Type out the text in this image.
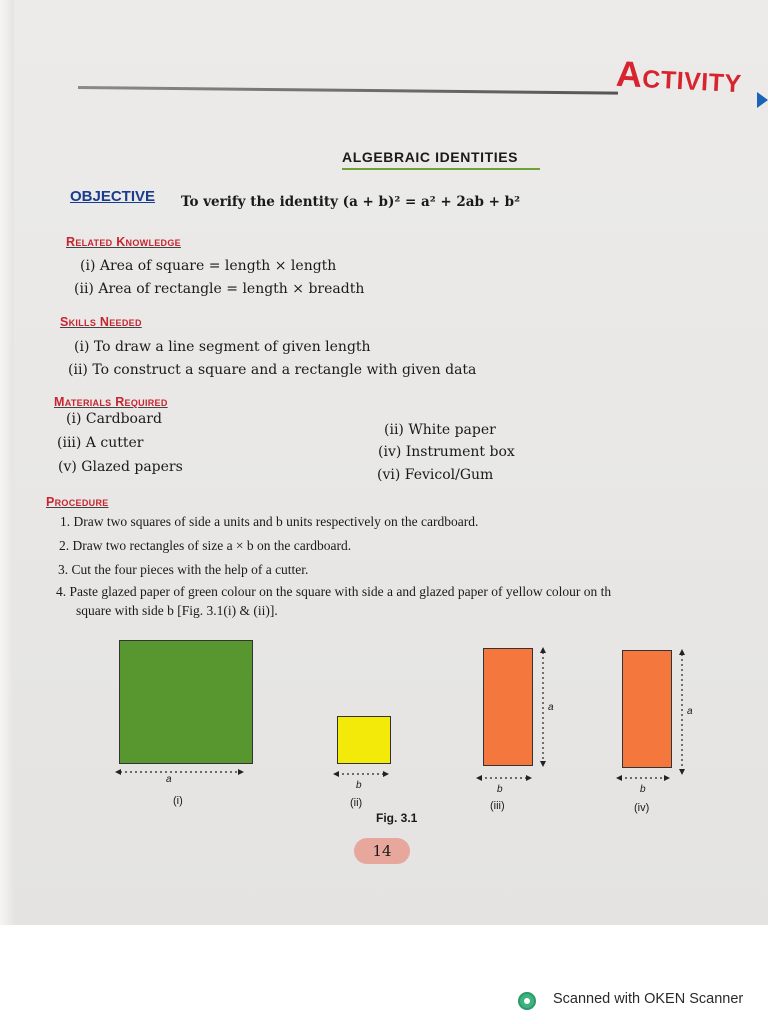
Activity
ALGEBRAIC IDENTITIES
OBJECTIVE To verify the identity (a + b)² = a² + 2ab + b²
Related Knowledge
(i) Area of square = length × length
(ii) Area of rectangle = length × breadth
Skills Needed
(i) To draw a line segment of given length
(ii) To construct a square and a rectangle with given data
Materials Required
(i) Cardboard
(ii) White paper
(iii) A cutter
(iv) Instrument box
(v) Glazed papers	(vi) Fevicol/Gum
Procedure
1. Draw two squares of side a units and b units respectively on the cardboard.
2. Draw two rectangles of size a × b on the cardboard.
3. Cut the four pieces with the help of a cutter.
4. Paste glazed paper of green colour on the square with side a and glazed paper of yellow colour on th
square with side b [Fig. 3.1(i) & (ii)].
a
b	b	b
a	a
(i)	(ii)	(iii)	(iv)
Fig. 3.1
14
Scanned with OKEN Scanner
